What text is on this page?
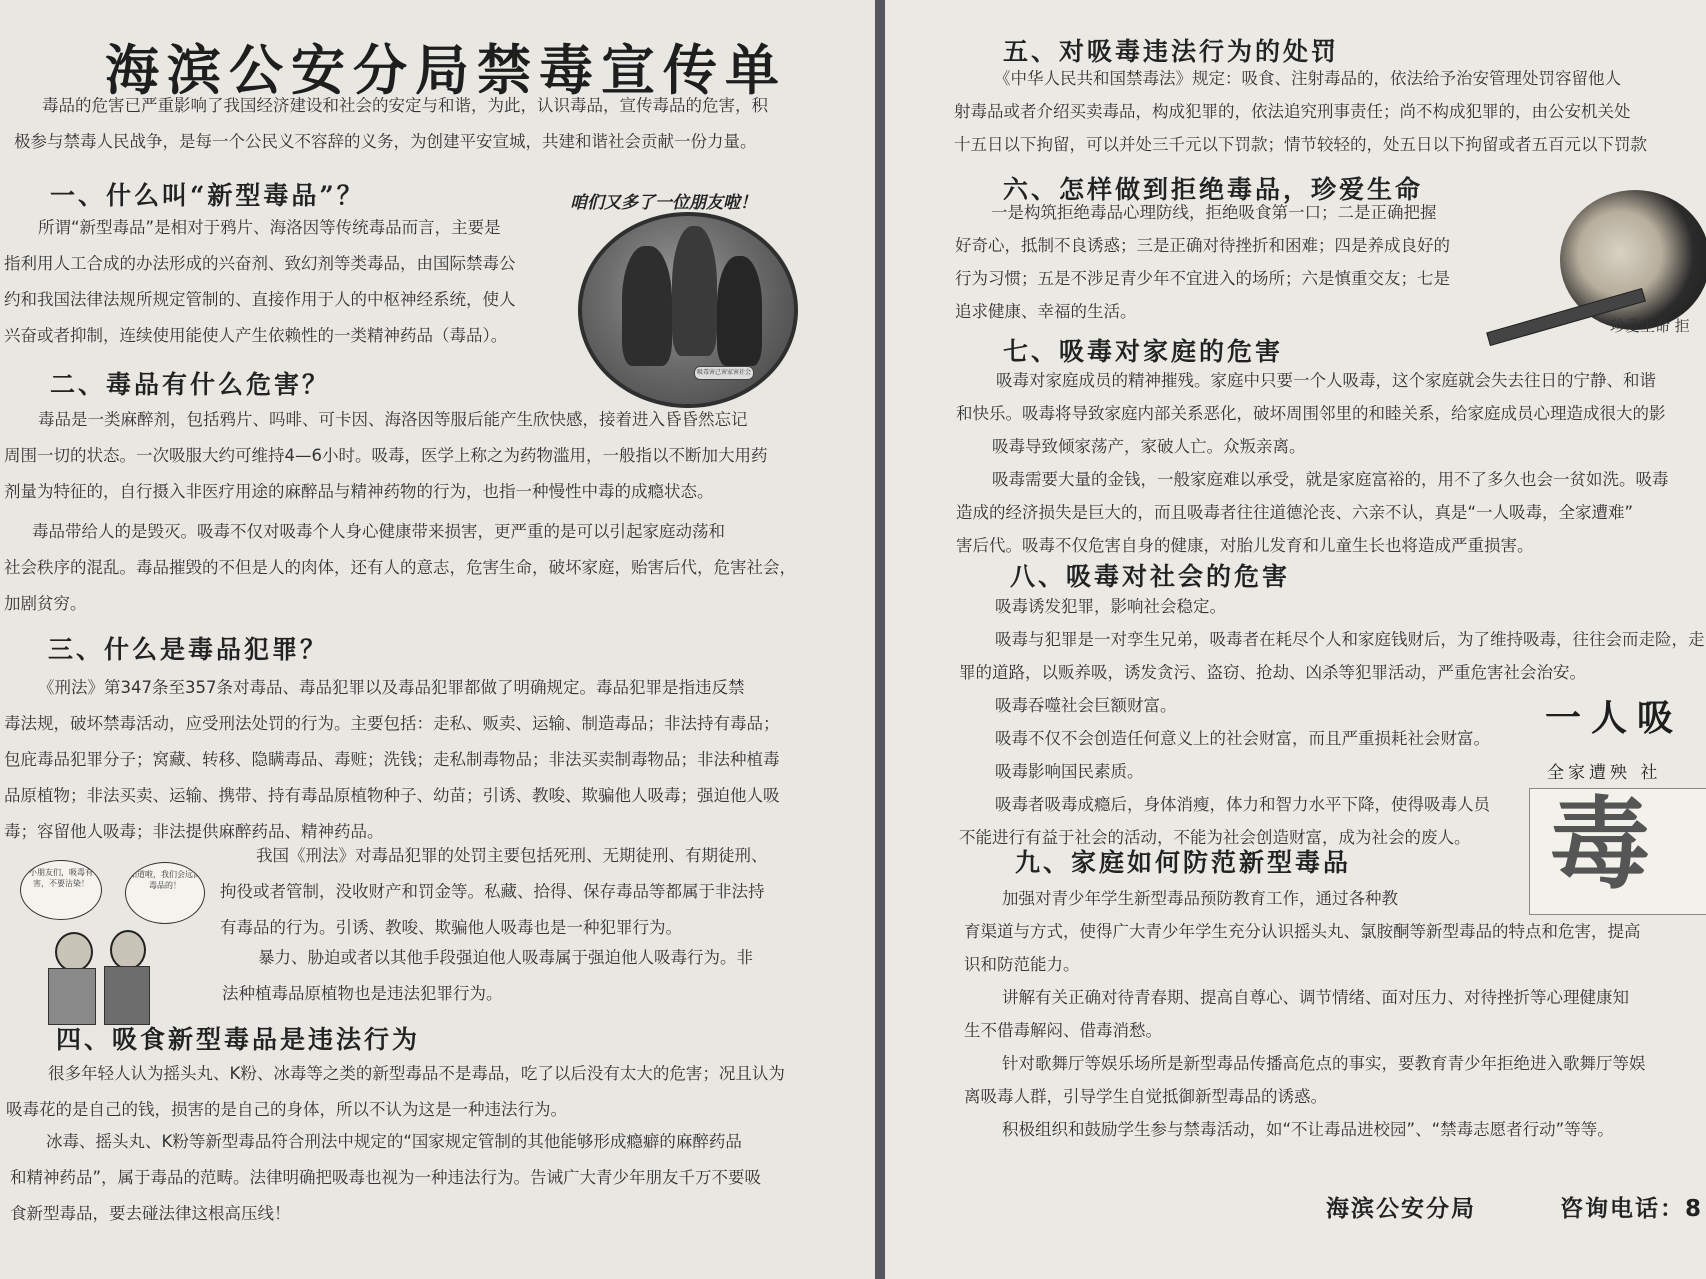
海滨公安分局禁毒宣传单
毒品的危害已严重影响了我国经济建设和社会的安定与和谐，为此，认识毒品，宣传毒品的危害，积
极参与禁毒人民战争，是每一个公民义不容辞的义务，为创建平安宣城，共建和谐社会贡献一份力量。
一、什么叫“新型毒品”？	咱们又多了一位朋友啦！
所谓“新型毒品”是相对于鸦片、海洛因等传统毒品而言，主要是
指利用人工合成的办法形成的兴奋剂、致幻剂等类毒品，由国际禁毒公
约和我国法律法规所规定管制的、直接作用于人的中枢神经系统，使人
兴奋或者抑制，连续使用能使人产生依赖性的一类精神药品（毒品）。
吸毒害己害家害社会
二、毒品有什么危害？
毒品是一类麻醉剂，包括鸦片、吗啡、可卡因、海洛因等服后能产生欣快感，接着进入昏昏然忘记
周围一切的状态。一次吸服大约可维持4—6小时。吸毒，医学上称之为药物滥用，一般指以不断加大用药
剂量为特征的，自行摄入非医疗用途的麻醉品与精神药物的行为，也指一种慢性中毒的成瘾状态。
毒品带给人的是毁灭。吸毒不仅对吸毒个人身心健康带来损害，更严重的是可以引起家庭动荡和
社会秩序的混乱。毒品摧毁的不但是人的肉体，还有人的意志，危害生命，破坏家庭，贻害后代，危害社会，
加剧贫穷。
三、什么是毒品犯罪？
《刑法》第347条至357条对毒品、毒品犯罪以及毒品犯罪都做了明确规定。毒品犯罪是指违反禁
毒法规，破坏禁毒活动，应受刑法处罚的行为。主要包括：走私、贩卖、运输、制造毒品；非法持有毒品；
包庇毒品犯罪分子；窝藏、转移、隐瞒毒品、毒赃；洗钱；走私制毒物品；非法买卖制毒物品；非法种植毒
品原植物；非法买卖、运输、携带、持有毒品原植物种子、幼苗；引诱、教唆、欺骗他人吸毒；强迫他人吸
毒；容留他人吸毒；非法提供麻醉药品、精神药品。
我国《刑法》对毒品犯罪的处罚主要包括死刑、无期徒刑、有期徒刑、
拘役或者管制，没收财产和罚金等。私藏、拾得、保存毒品等都属于非法持
有毒品的行为。引诱、教唆、欺骗他人吸毒也是一种犯罪行为。
暴力、胁迫或者以其他手段强迫他人吸毒属于强迫他人吸毒行为。非
法种植毒品原植物也是违法犯罪行为。
小朋友们，吸毒有害，不要沾染！
知道啦，我们会远离毒品的！
四、吸食新型毒品是违法行为
很多年轻人认为摇头丸、K粉、冰毒等之类的新型毒品不是毒品，吃了以后没有太大的危害；况且认为
吸毒花的是自己的钱，损害的是自己的身体，所以不认为这是一种违法行为。
冰毒、摇头丸、K粉等新型毒品符合刑法中规定的“国家规定管制的其他能够形成瘾癖的麻醉药品
和精神药品”，属于毒品的范畴。法律明确把吸毒也视为一种违法行为。告诫广大青少年朋友千万不要吸
食新型毒品，要去碰法律这根高压线！
五、对吸毒违法行为的处罚
《中华人民共和国禁毒法》规定：吸食、注射毒品的，依法给予治安管理处罚容留他人
射毒品或者介绍买卖毒品，构成犯罪的，依法追究刑事责任；尚不构成犯罪的，由公安机关处
十五日以下拘留，可以并处三千元以下罚款；情节较轻的，处五日以下拘留或者五百元以下罚款
六、怎样做到拒绝毒品，珍爱生命
一是构筑拒绝毒品心理防线，拒绝吸食第一口；二是正确把握
好奇心，抵制不良诱惑；三是正确对待挫折和困难；四是养成良好的
行为习惯；五是不涉足青少年不宜进入的场所；六是慎重交友；七是
追求健康、幸福的生活。
珍爱生命 拒
七、吸毒对家庭的危害
吸毒对家庭成员的精神摧残。家庭中只要一个人吸毒，这个家庭就会失去往日的宁静、和谐
和快乐。吸毒将导致家庭内部关系恶化，破坏周围邻里的和睦关系，给家庭成员心理造成很大的影
吸毒导致倾家荡产，家破人亡。众叛亲离。
吸毒需要大量的金钱，一般家庭难以承受，就是家庭富裕的，用不了多久也会一贫如洗。吸毒
造成的经济损失是巨大的，而且吸毒者往往道德沦丧、六亲不认，真是“一人吸毒，全家遭难”
害后代。吸毒不仅危害自身的健康，对胎儿发育和儿童生长也将造成严重损害。
八、吸毒对社会的危害
吸毒诱发犯罪，影响社会稳定。
吸毒与犯罪是一对孪生兄弟，吸毒者在耗尽个人和家庭钱财后，为了维持吸毒，往往会而走险，走
罪的道路，以贩养吸，诱发贪污、盗窃、抢劫、凶杀等犯罪活动，严重危害社会治安。
吸毒吞噬社会巨额财富。
吸毒不仅不会创造任何意义上的社会财富，而且严重损耗社会财富。
吸毒影响国民素质。
吸毒者吸毒成瘾后，身体消瘦，体力和智力水平下降，使得吸毒人员
不能进行有益于社会的活动，不能为社会创造财富，成为社会的废人。
一人吸
全家遭殃 社
毒
九、家庭如何防范新型毒品
加强对青少年学生新型毒品预防教育工作，通过各种教
育渠道与方式，使得广大青少年学生充分认识摇头丸、氯胺酮等新型毒品的特点和危害，提高
识和防范能力。
讲解有关正确对待青春期、提高自尊心、调节情绪、面对压力、对待挫折等心理健康知
生不借毒解闷、借毒消愁。
针对歌舞厅等娱乐场所是新型毒品传播高危点的事实，要教育青少年拒绝进入歌舞厅等娱
离吸毒人群，引导学生自觉抵御新型毒品的诱惑。
积极组织和鼓励学生参与禁毒活动，如“不让毒品进校园”、“禁毒志愿者行动”等等。
海滨公安分局	咨询电话：8
